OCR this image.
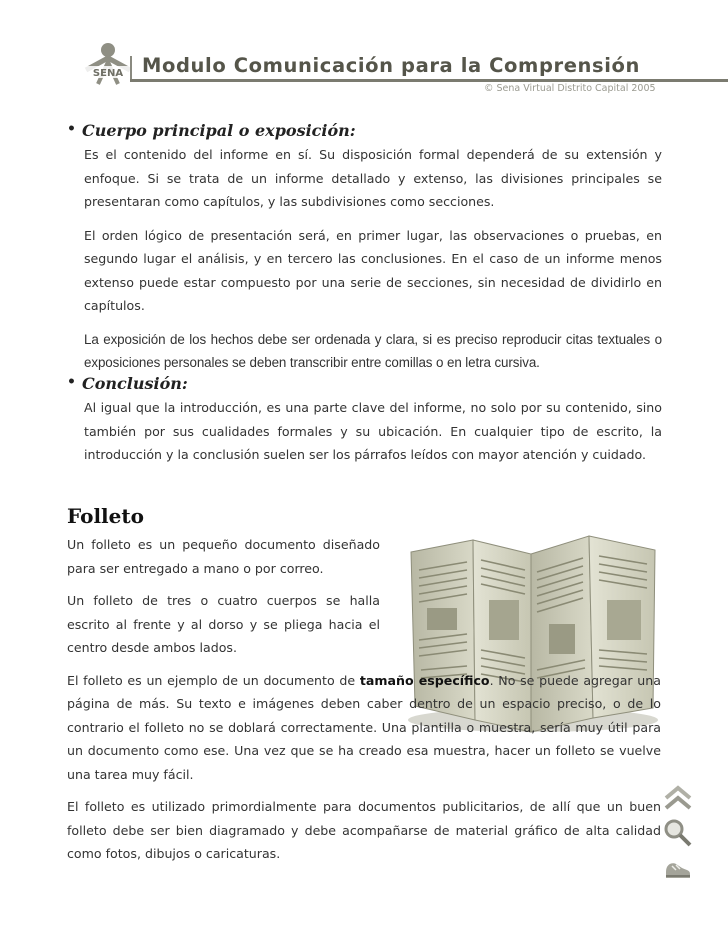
SENA Modulo Comunicación para la Comprensión
© Sena Virtual Distrito Capital 2005
• Cuerpo principal o exposición:

Es el contenido del informe en sí. Su disposición formal dependerá de su extensión y enfoque. Si se trata de un informe detallado y extenso, las divisiones principales se presentaran como capítulos, y las subdivisiones como secciones.

El orden lógico de presentación será, en primer lugar, las observaciones o pruebas, en segundo lugar el análisis, y en tercero las conclusiones. En el caso de un informe menos extenso puede estar compuesto por una serie de secciones, sin necesidad de dividirlo en capítulos.

La exposición de los hechos debe ser ordenada y clara, si es preciso reproducir citas textuales o exposiciones personales se deben transcribir entre comillas o en letra cursiva.

• Conclusión:

Al igual que la introducción, es una parte clave del informe, no solo por su contenido, sino también por sus cualidades formales y su ubicación. En cualquier tipo de escrito, la introducción y la conclusión suelen ser los párrafos leídos con mayor atención y cuidado.

Folleto

Un folleto es un pequeño documento diseñado para ser entregado a mano o por correo.

Un folleto de tres o cuatro cuerpos se halla escrito al frente y al dorso y se pliega hacia el centro desde ambos lados.

El folleto es un ejemplo de un documento de tamaño específico. No se puede agregar una página de más. Su texto e imágenes deben caber dentro de un espacio preciso, o de lo contrario el folleto no se doblará correctamente. Una plantilla o muestra, sería muy útil para un documento como ese. Una vez que se ha creado esa muestra, hacer un folleto se vuelve una tarea muy fácil.

El folleto es utilizado primordialmente para documentos publicitarios, de allí que un buen folleto debe ser bien diagramado y debe acompañarse de material gráfico de alta calidad como fotos, dibujos o caricaturas.
